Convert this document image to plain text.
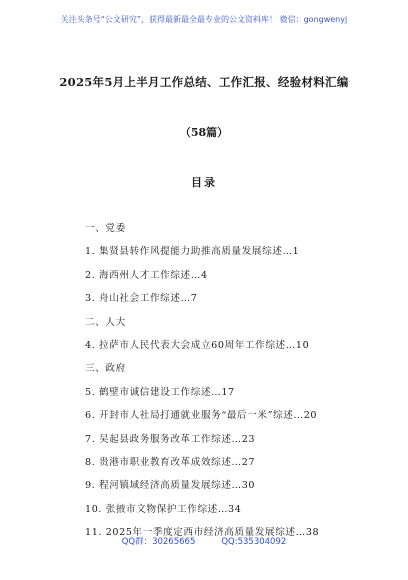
关注头条号“公文研究”，获得最新最全最专业的公文资料库！ 微信：gongwenyj
2025年5月上半月工作总结、工作汇报、经验材料汇编
（58篇）
目录
一、党委
1. 集贤县转作风提能力助推高质量发展综述…1
2. 海西州人才工作综述…4
3. 舟山社会工作综述…7
二、人大
4. 拉萨市人民代表大会成立60周年工作综述…10
三、政府
5. 鹤壁市诚信建设工作综述…17
6. 开封市人社局打通就业服务“最后一米”综述…20
7. 吴起县政务服务改革工作综述…23
8. 贵港市职业教育改革成效综述…27
9. 程河镇域经济高质量发展综述…30
10. 张掖市文物保护工作综述…34
11. 2025年一季度定西市经济高质量发展综述…38
QQ群：30265665	QQ:535304092
